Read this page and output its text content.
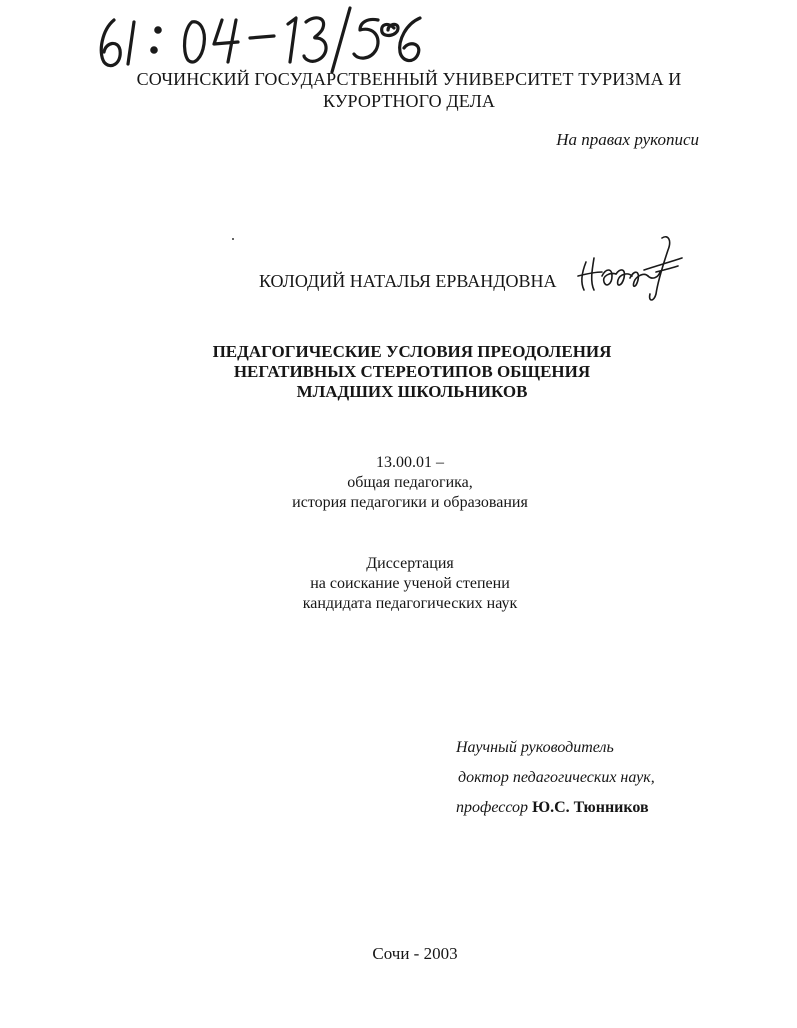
СОЧИНСКИЙ ГОСУДАРСТВЕННЫЙ УНИВЕРСИТЕТ ТУРИЗМА И КУРОРТНОГО ДЕЛА
На правах рукописи
КОЛОДИЙ НАТАЛЬЯ ЕРВАНДОВНА
ПЕДАГОГИЧЕСКИЕ УСЛОВИЯ ПРЕОДОЛЕНИЯ
НЕГАТИВНЫХ СТЕРЕОТИПОВ ОБЩЕНИЯ
МЛАДШИХ ШКОЛЬНИКОВ
13.00.01 –
общая педагогика,
история педагогики и образования
Диссертация
на соискание ученой степени
кандидата педагогических наук
Научный руководитель
доктор педагогических наук,
профессор Ю.С. Тюнников
Сочи - 2003
